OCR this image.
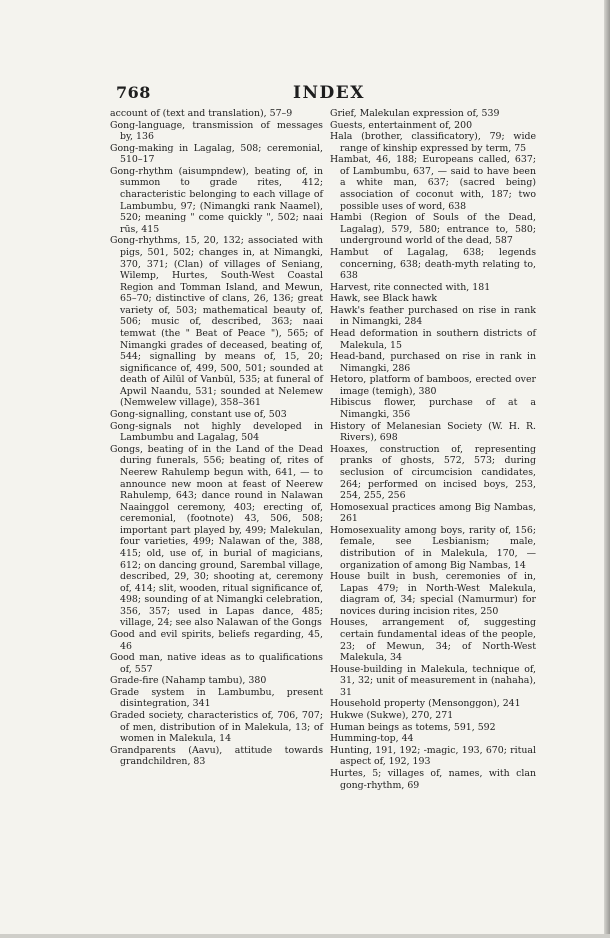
768	INDEX

account of (text and translation), 57–9

Gong-language, transmission of messages by, 136

Gong-making in Lagalag, 508; ceremonial, 510–17

Gong-rhythm (aisumpndew), beating of, in summon to grade rites, 412; characteristic belonging to each village of Lambumbu, 97; (Nimangki rank Naamel), 520; meaning " come quickly ", 502; naai rūs, 415

Gong-rhythms, 15, 20, 132; associated with pigs, 501, 502; changes in, at Nimangki, 370, 371; (Clan) of villages of Seniang, Wilemp, Hurtes, South-West Coastal Region and Tomman Island, and Mewun, 65–70; distinctive of clans, 26, 136; great variety of, 503; mathematical beauty of, 506; music of, described, 363; naai temwat (the " Beat of Peace "), 565; of Nimangki grades of deceased, beating of, 544; signalling by means of, 15, 20; significance of, 499, 500, 501; sounded at death of Ailūl of Vanbūl, 535; at funeral of Apwil Naandu, 531; sounded at Nelemew (Nemwelew village), 358–361

Gong-signalling, constant use of, 503

Gong-signals not highly developed in Lambumbu and Lagalag, 504

Gongs, beating of in the Land of the Dead during funerals, 556; beating of, rites of Neerew Rahulemp begun with, 641, — to announce new moon at feast of Neerew Rahulemp, 643; dance round in Nalawan Naainggol ceremony, 403; erecting of, ceremonial, (footnote) 43, 506, 508; important part played by, 499; Malekulan, four varieties, 499; Nalawan of the, 388, 415; old, use of, in burial of magicians, 612; on dancing ground, Sarembal village, described, 29, 30; shooting at, ceremony of, 414; slit, wooden, ritual significance of, 498; sounding of at Nimangki celebration, 356, 357; used in Lapas dance, 485; village, 24; see also Nalawan of the Gongs

Good and evil spirits, beliefs regarding, 45, 46

Good man, native ideas as to qualifications of, 557

Grade-fire (Nahamp tambu), 380

Grade system in Lambumbu, present disintegration, 341

Graded society, characteristics of, 706, 707; of men, distribution of in Malekula, 13; of women in Malekula, 14

Grandparents (Aavu), attitude towards grandchildren, 83

Grief, Malekulan expression of, 539

Guests, entertainment of, 200

Hala (brother, classificatory), 79; wide range of kinship expressed by term, 75

Hambat, 46, 188; Europeans called, 637; of Lambumbu, 637, — said to have been a white man, 637; (sacred being) association of coconut with, 187; two possible uses of word, 638

Hambi (Region of Souls of the Dead, Lagalag), 579, 580; entrance to, 580; underground world of the dead, 587

Hambut of Lagalag, 638; legends concerning, 638; death-myth relating to, 638

Harvest, rite connected with, 181

Hawk, see Black hawk

Hawk's feather purchased on rise in rank in Nimangki, 284

Head deformation in southern districts of Malekula, 15

Head-band, purchased on rise in rank in Nimangki, 286

Hetoro, platform of bamboos, erected over image (temigh), 380

Hibiscus flower, purchase of at a Nimangki, 356

History of Melanesian Society (W. H. R. Rivers), 698

Hoaxes, construction of, representing pranks of ghosts, 572, 573; during seclusion of circumcision candidates, 264; performed on incised boys, 253, 254, 255, 256

Homosexual practices among Big Nambas, 261

Homosexuality among boys, rarity of, 156; female, see Lesbianism; male, distribution of in Malekula, 170, — organization of among Big Nambas, 14

House built in bush, ceremonies of in, Lapas 479; in North-West Malekula, diagram of, 34; special (Namurmur) for novices during incision rites, 250

Houses, arrangement of, suggesting certain fundamental ideas of the people, 23; of Mewun, 34; of North-West Malekula, 34

House-building in Malekula, technique of, 31, 32; unit of measurement in (nahaha), 31

Household property (Mensonggon), 241

Hukwe (Sukwe), 270, 271

Human beings as totems, 591, 592

Humming-top, 44

Hunting, 191, 192; -magic, 193, 670; ritual aspect of, 192, 193

Hurtes, 5; villages of, names, with clan gong-rhythm, 69
